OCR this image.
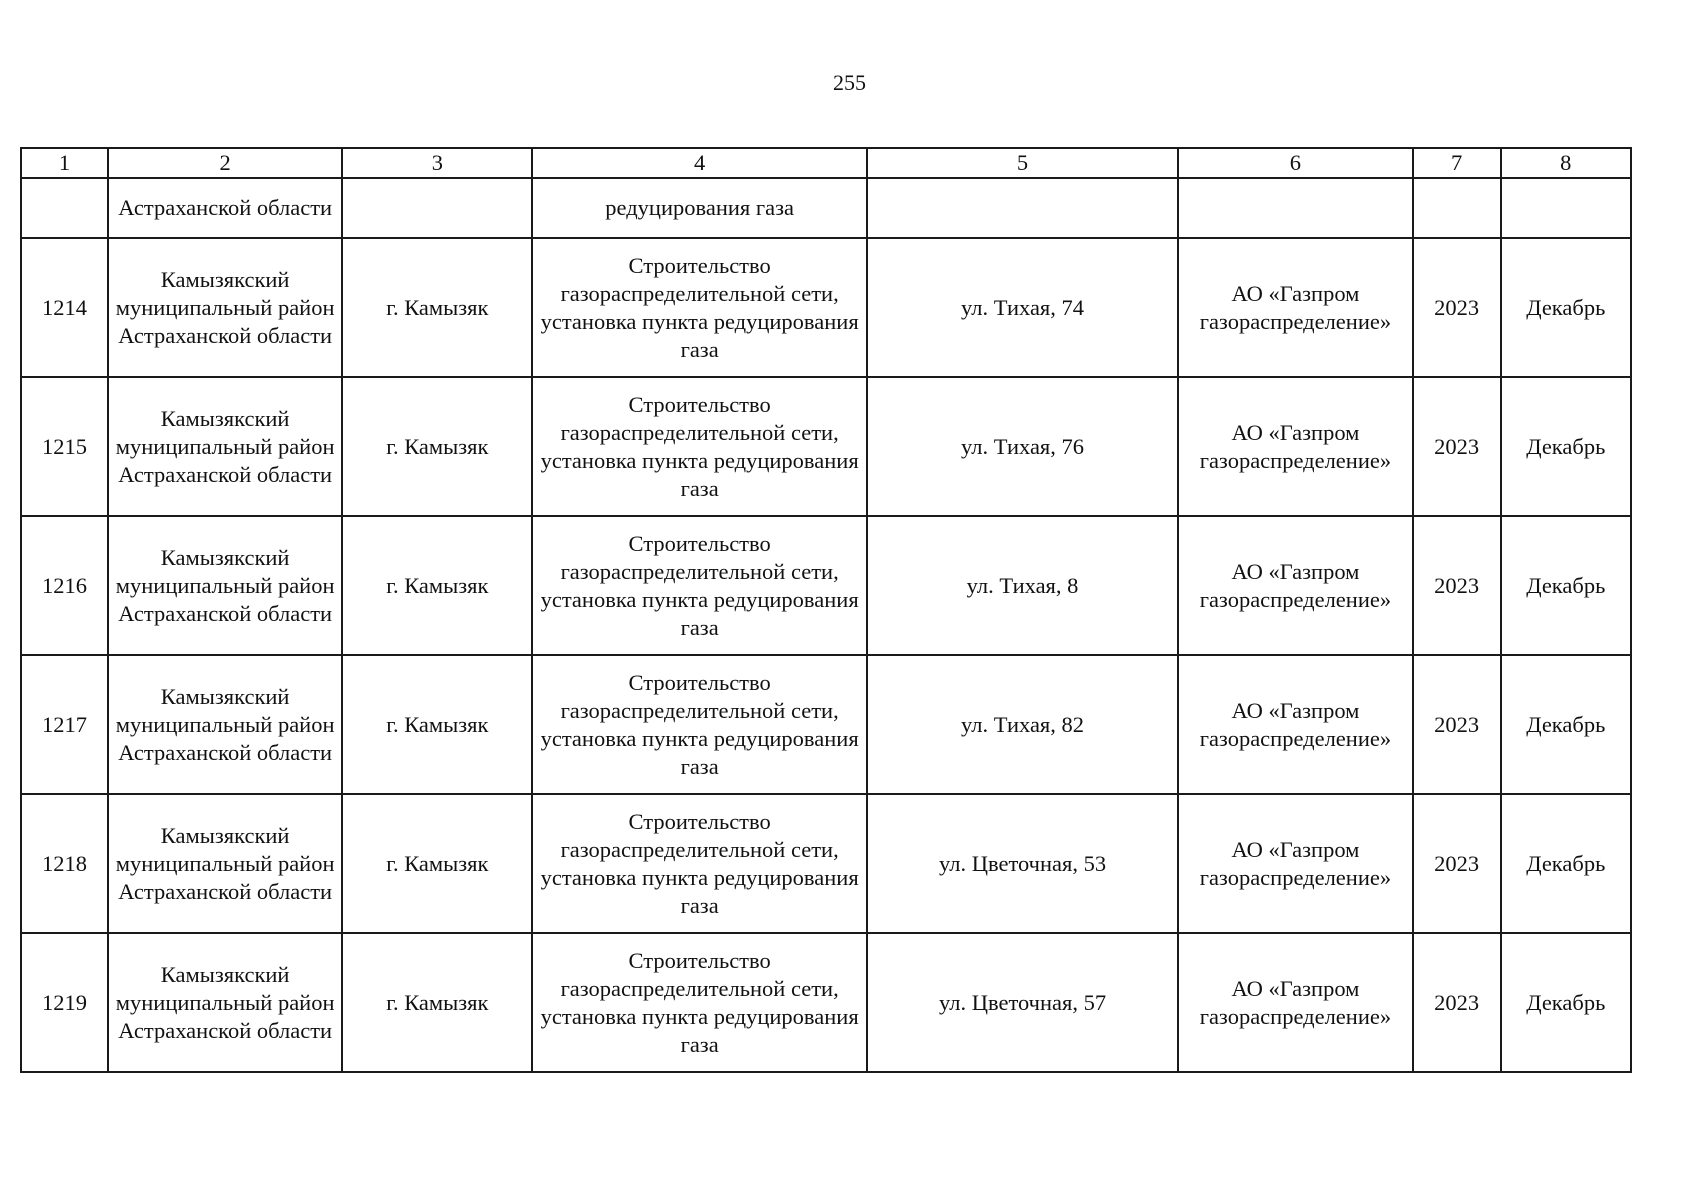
255
1	2	3	4	5	6	7	8
	Астраханской области		редуцирования газа				
1214	Камызякский муниципальный район Астраханской области	г. Камызяк	Строительство газораспределительной сети, установка пункта редуцирования газа	ул. Тихая, 74	АО «Газпром газораспределение»	2023	Декабрь
1215	Камызякский муниципальный район Астраханской области	г. Камызяк	Строительство газораспределительной сети, установка пункта редуцирования газа	ул. Тихая, 76	АО «Газпром газораспределение»	2023	Декабрь
1216	Камызякский муниципальный район Астраханской области	г. Камызяк	Строительство газораспределительной сети, установка пункта редуцирования газа	ул. Тихая, 8	АО «Газпром газораспределение»	2023	Декабрь
1217	Камызякский муниципальный район Астраханской области	г. Камызяк	Строительство газораспределительной сети, установка пункта редуцирования газа	ул. Тихая, 82	АО «Газпром газораспределение»	2023	Декабрь
1218	Камызякский муниципальный район Астраханской области	г. Камызяк	Строительство газораспределительной сети, установка пункта редуцирования газа	ул. Цветочная, 53	АО «Газпром газораспределение»	2023	Декабрь
1219	Камызякский муниципальный район Астраханской области	г. Камызяк	Строительство газораспределительной сети, установка пункта редуцирования газа	ул. Цветочная, 57	АО «Газпром газораспределение»	2023	Декабрь
